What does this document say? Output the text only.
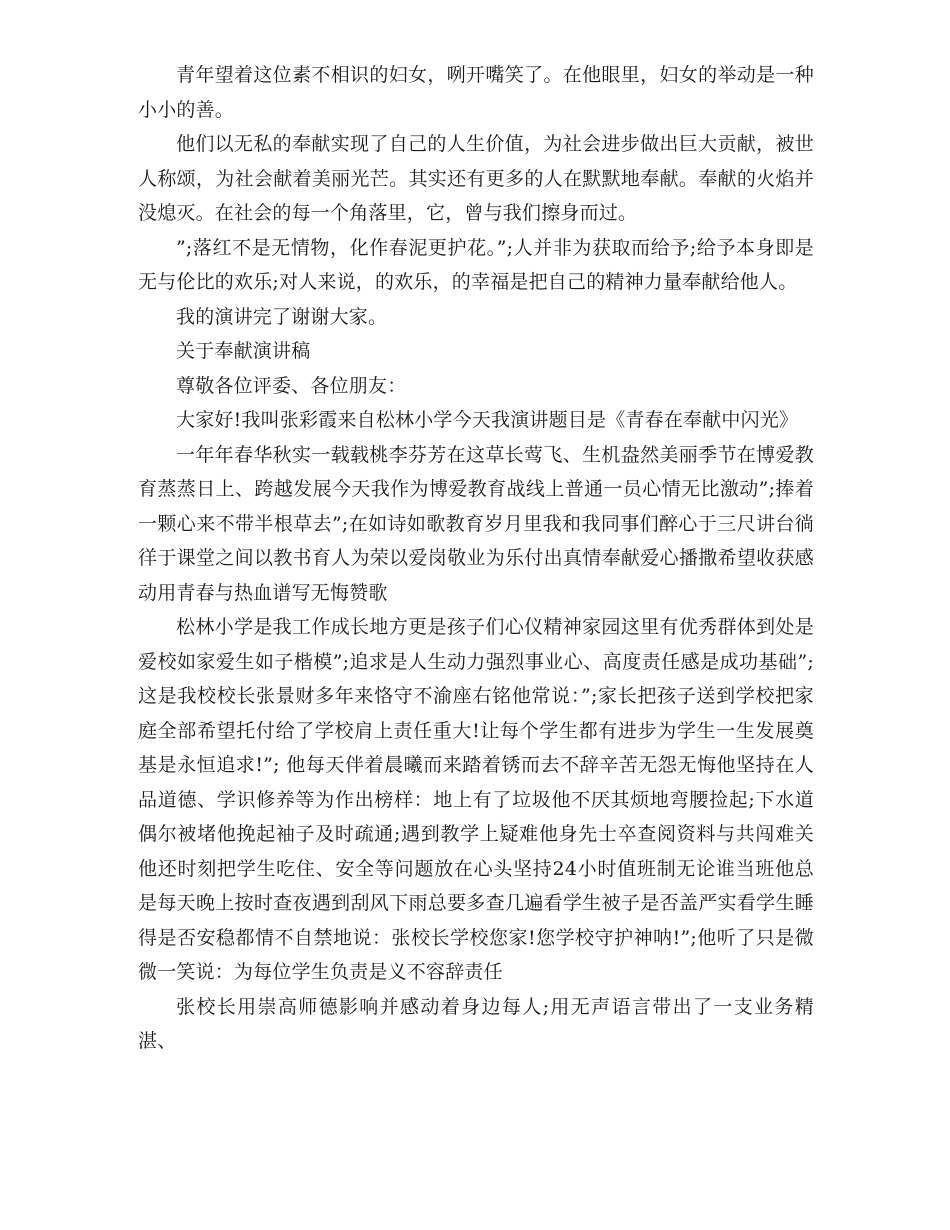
青年望着这位素不相识的妇女，咧开嘴笑了。在他眼里，妇女的举动是一种小小的善。

他们以无私的奉献实现了自己的人生价值，为社会进步做出巨大贡献，被世人称颂，为社会献着美丽光芒。其实还有更多的人在默默地奉献。奉献的火焰并没熄灭。在社会的每一个角落里，它，曾与我们擦身而过。

”;落红不是无情物，化作春泥更护花。”;人并非为获取而给予;给予本身即是无与伦比的欢乐;对人来说，的欢乐，的幸福是把自己的精神力量奉献给他人。

我的演讲完了谢谢大家。

关于奉献演讲稿

尊敬各位评委、各位朋友：

大家好!我叫张彩霞来自松林小学今天我演讲题目是《青春在奉献中闪光》

一年年春华秋实一载载桃李芬芳在这草长莺飞、生机盎然美丽季节在博爱教育蒸蒸日上、跨越发展今天我作为博爱教育战线上普通一员心情无比激动”;捧着一颗心来不带半根草去”;在如诗如歌教育岁月里我和我同事们醉心于三尺讲台徜徉于课堂之间以教书育人为荣以爱岗敬业为乐付出真情奉献爱心播撒希望收获感动用青春与热血谱写无悔赞歌

松林小学是我工作成长地方更是孩子们心仪精神家园这里有优秀群体到处是爱校如家爱生如子楷模”;追求是人生动力强烈事业心、高度责任感是成功基础”;这是我校校长张景财多年来恪守不渝座右铭他常说：”;家长把孩子送到学校把家庭全部希望托付给了学校肩上责任重大!让每个学生都有进步为学生一生发展奠基是永恒追求!”; 他每天伴着晨曦而来踏着锈而去不辞辛苦无怨无悔他坚持在人品道德、学识修养等为作出榜样：地上有了垃圾他不厌其烦地弯腰捡起;下水道偶尔被堵他挽起袖子及时疏通;遇到教学上疑难他身先士卒查阅资料与共闯难关他还时刻把学生吃住、安全等问题放在心头坚持24小时值班制无论谁当班他总是每天晚上按时查夜遇到刮风下雨总要多查几遍看学生被子是否盖严实看学生睡得是否安稳都情不自禁地说：张校长学校您家!您学校守护神呐!”;他听了只是微微一笑说：为每位学生负责是义不容辞责任

张校长用崇高师德影响并感动着身边每人;用无声语言带出了一支业务精湛、
